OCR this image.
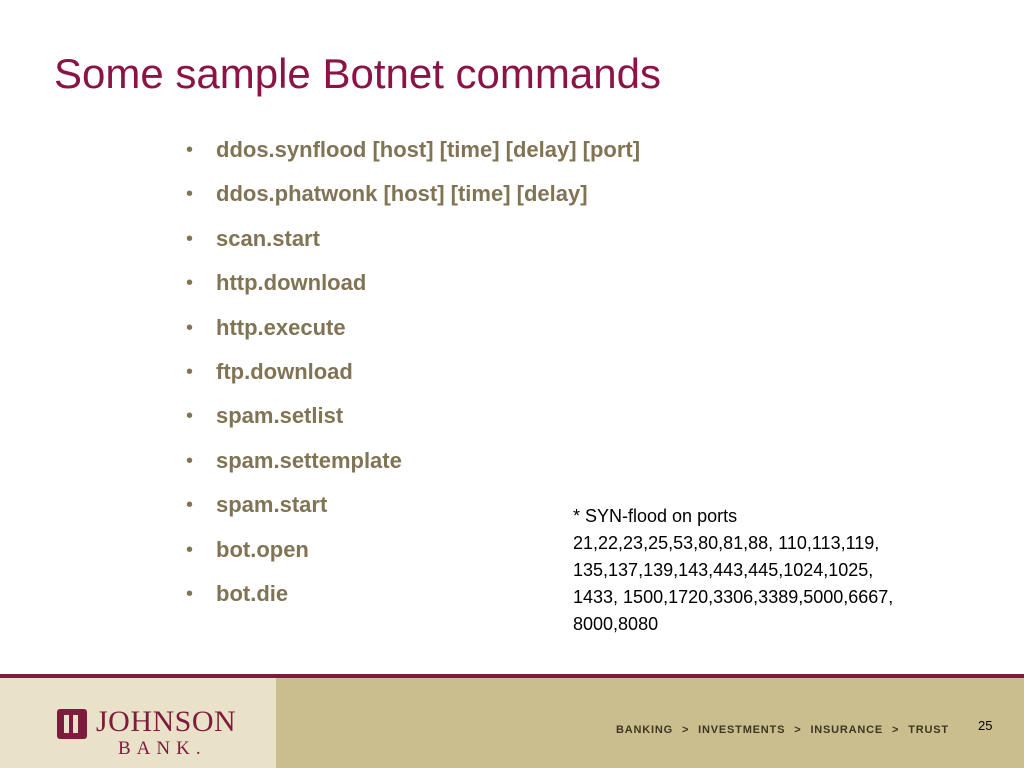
Some sample Botnet commands
• ddos.synflood [host] [time] [delay] [port]
• ddos.phatwonk [host] [time] [delay]
• scan.start
• http.download
• http.execute
• ftp.download
• spam.setlist
• spam.settemplate
• spam.start
• bot.open
• bot.die
* SYN-flood on ports
21,22,23,25,53,80,81,88, 110,113,119,
135,137,139,143,443,445,1024,1025,
1433, 1500,1720,3306,3389,5000,6667,
8000,8080
JOHNSON
BANK.
BANKING > INVESTMENTS > INSURANCE > TRUST 25
